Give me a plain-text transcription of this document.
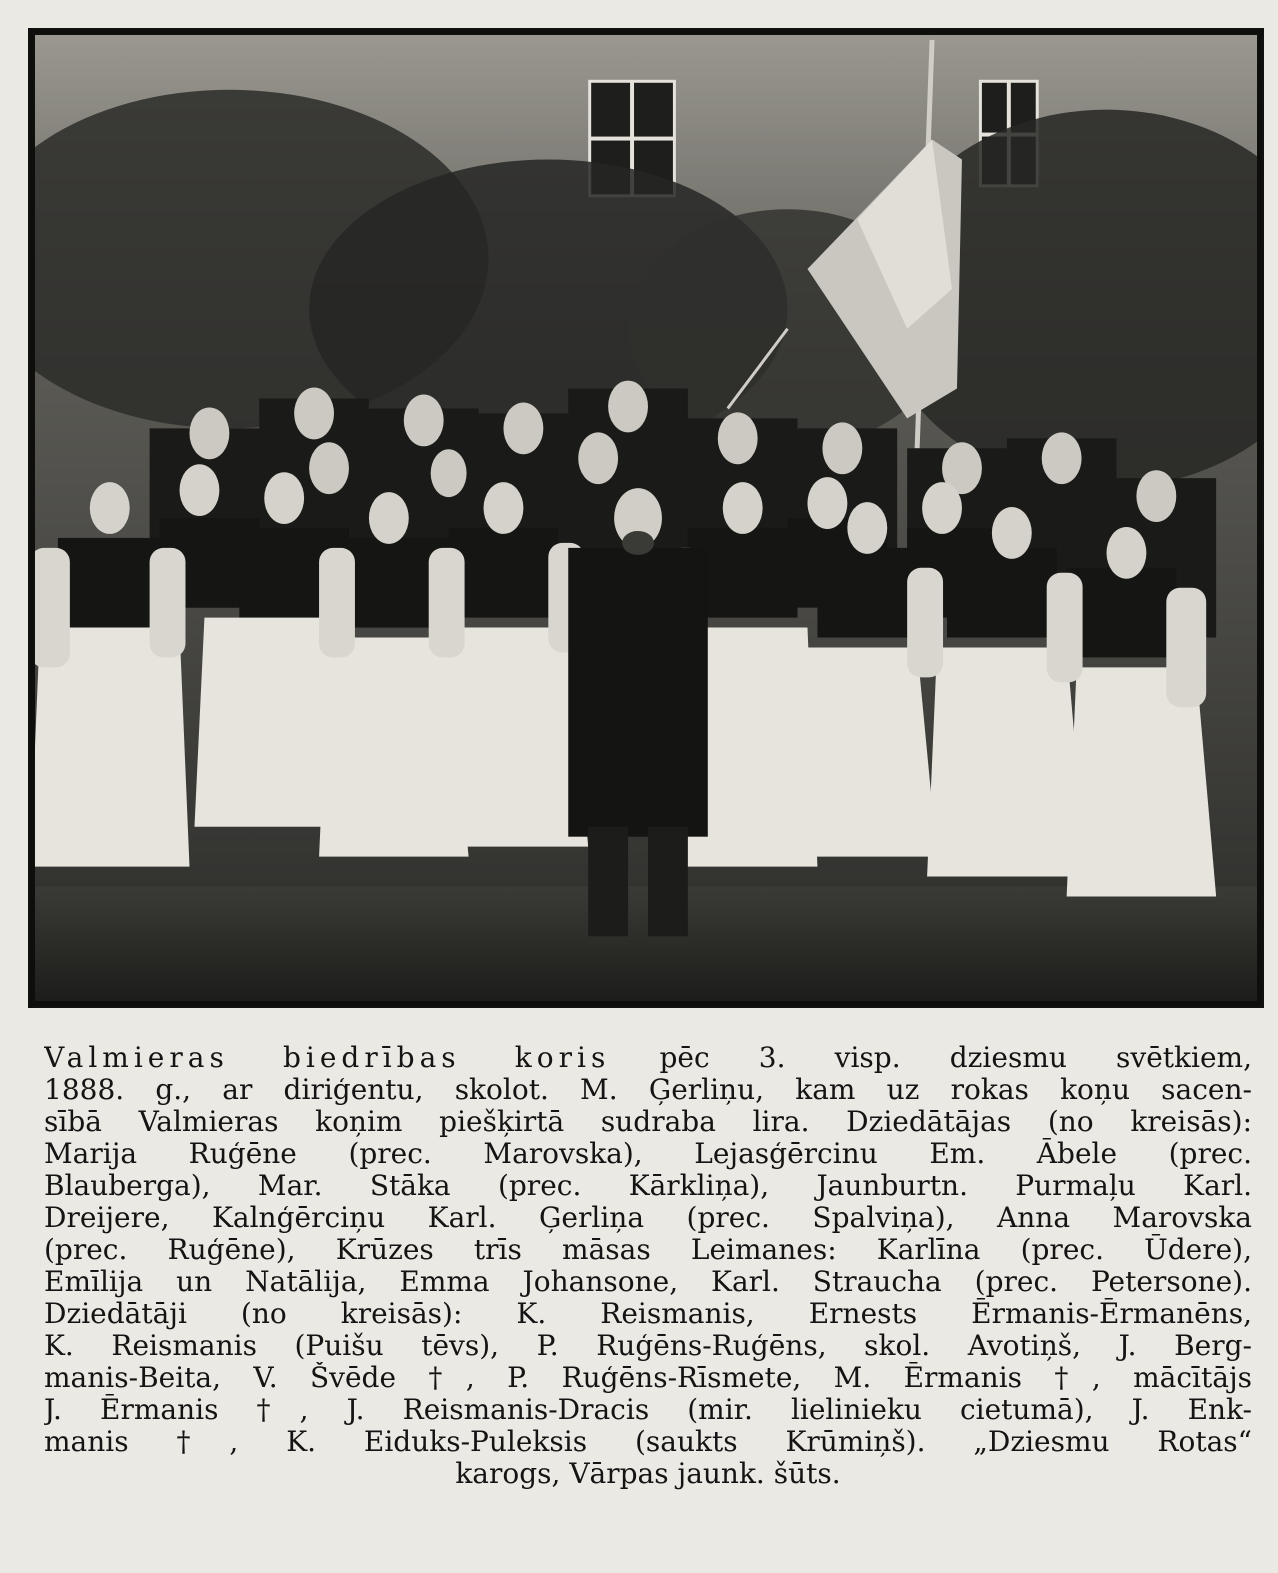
Valmieras biedrības koris pēc 3. visp. dziesmu svētkiem,
1888. g., ar diriģentu, skolot. M. Ģerliņu, kam uz rokas koņu sacen-
sībā Valmieras koņim piešķirtā sudraba lira. Dziedātājas (no kreisās):
Marija Ruģēne (prec. Marovska), Lejasģērcinu Em. Ābele (prec.
Blauberga), Mar. Stāka (prec. Kārkliņa), Jaunburtn. Purmaļu Karl.
Dreijere, Kalnģērciņu Karl. Ģerliņa (prec. Spalviņa), Anna Marovska
(prec. Ruģēne), Krūzes trīs māsas Leimanes: Karlīna (prec. Ūdere),
Emīlija un Natālija, Emma Johansone, Karl. Straucha (prec. Petersone).
Dziedātāji (no kreisās): K. Reismanis, Ernests Ērmanis-Ērmanēns,
K. Reismanis (Puišu tēvs), P. Ruģēns-Ruģēns, skol. Avotiņš, J. Berg-
manis-Beita, V. Švēde †, P. Ruģēns-Rīsmete, M. Ērmanis †, mācītājs
J. Ērmanis †, J. Reismanis-Dracis (mir. lielinieku cietumā), J. Enk-
manis †, K. Eiduks-Puleksis (saukts Krūmiņš). „Dziesmu Rotas“
karogs, Vārpas jaunk. šūts.
